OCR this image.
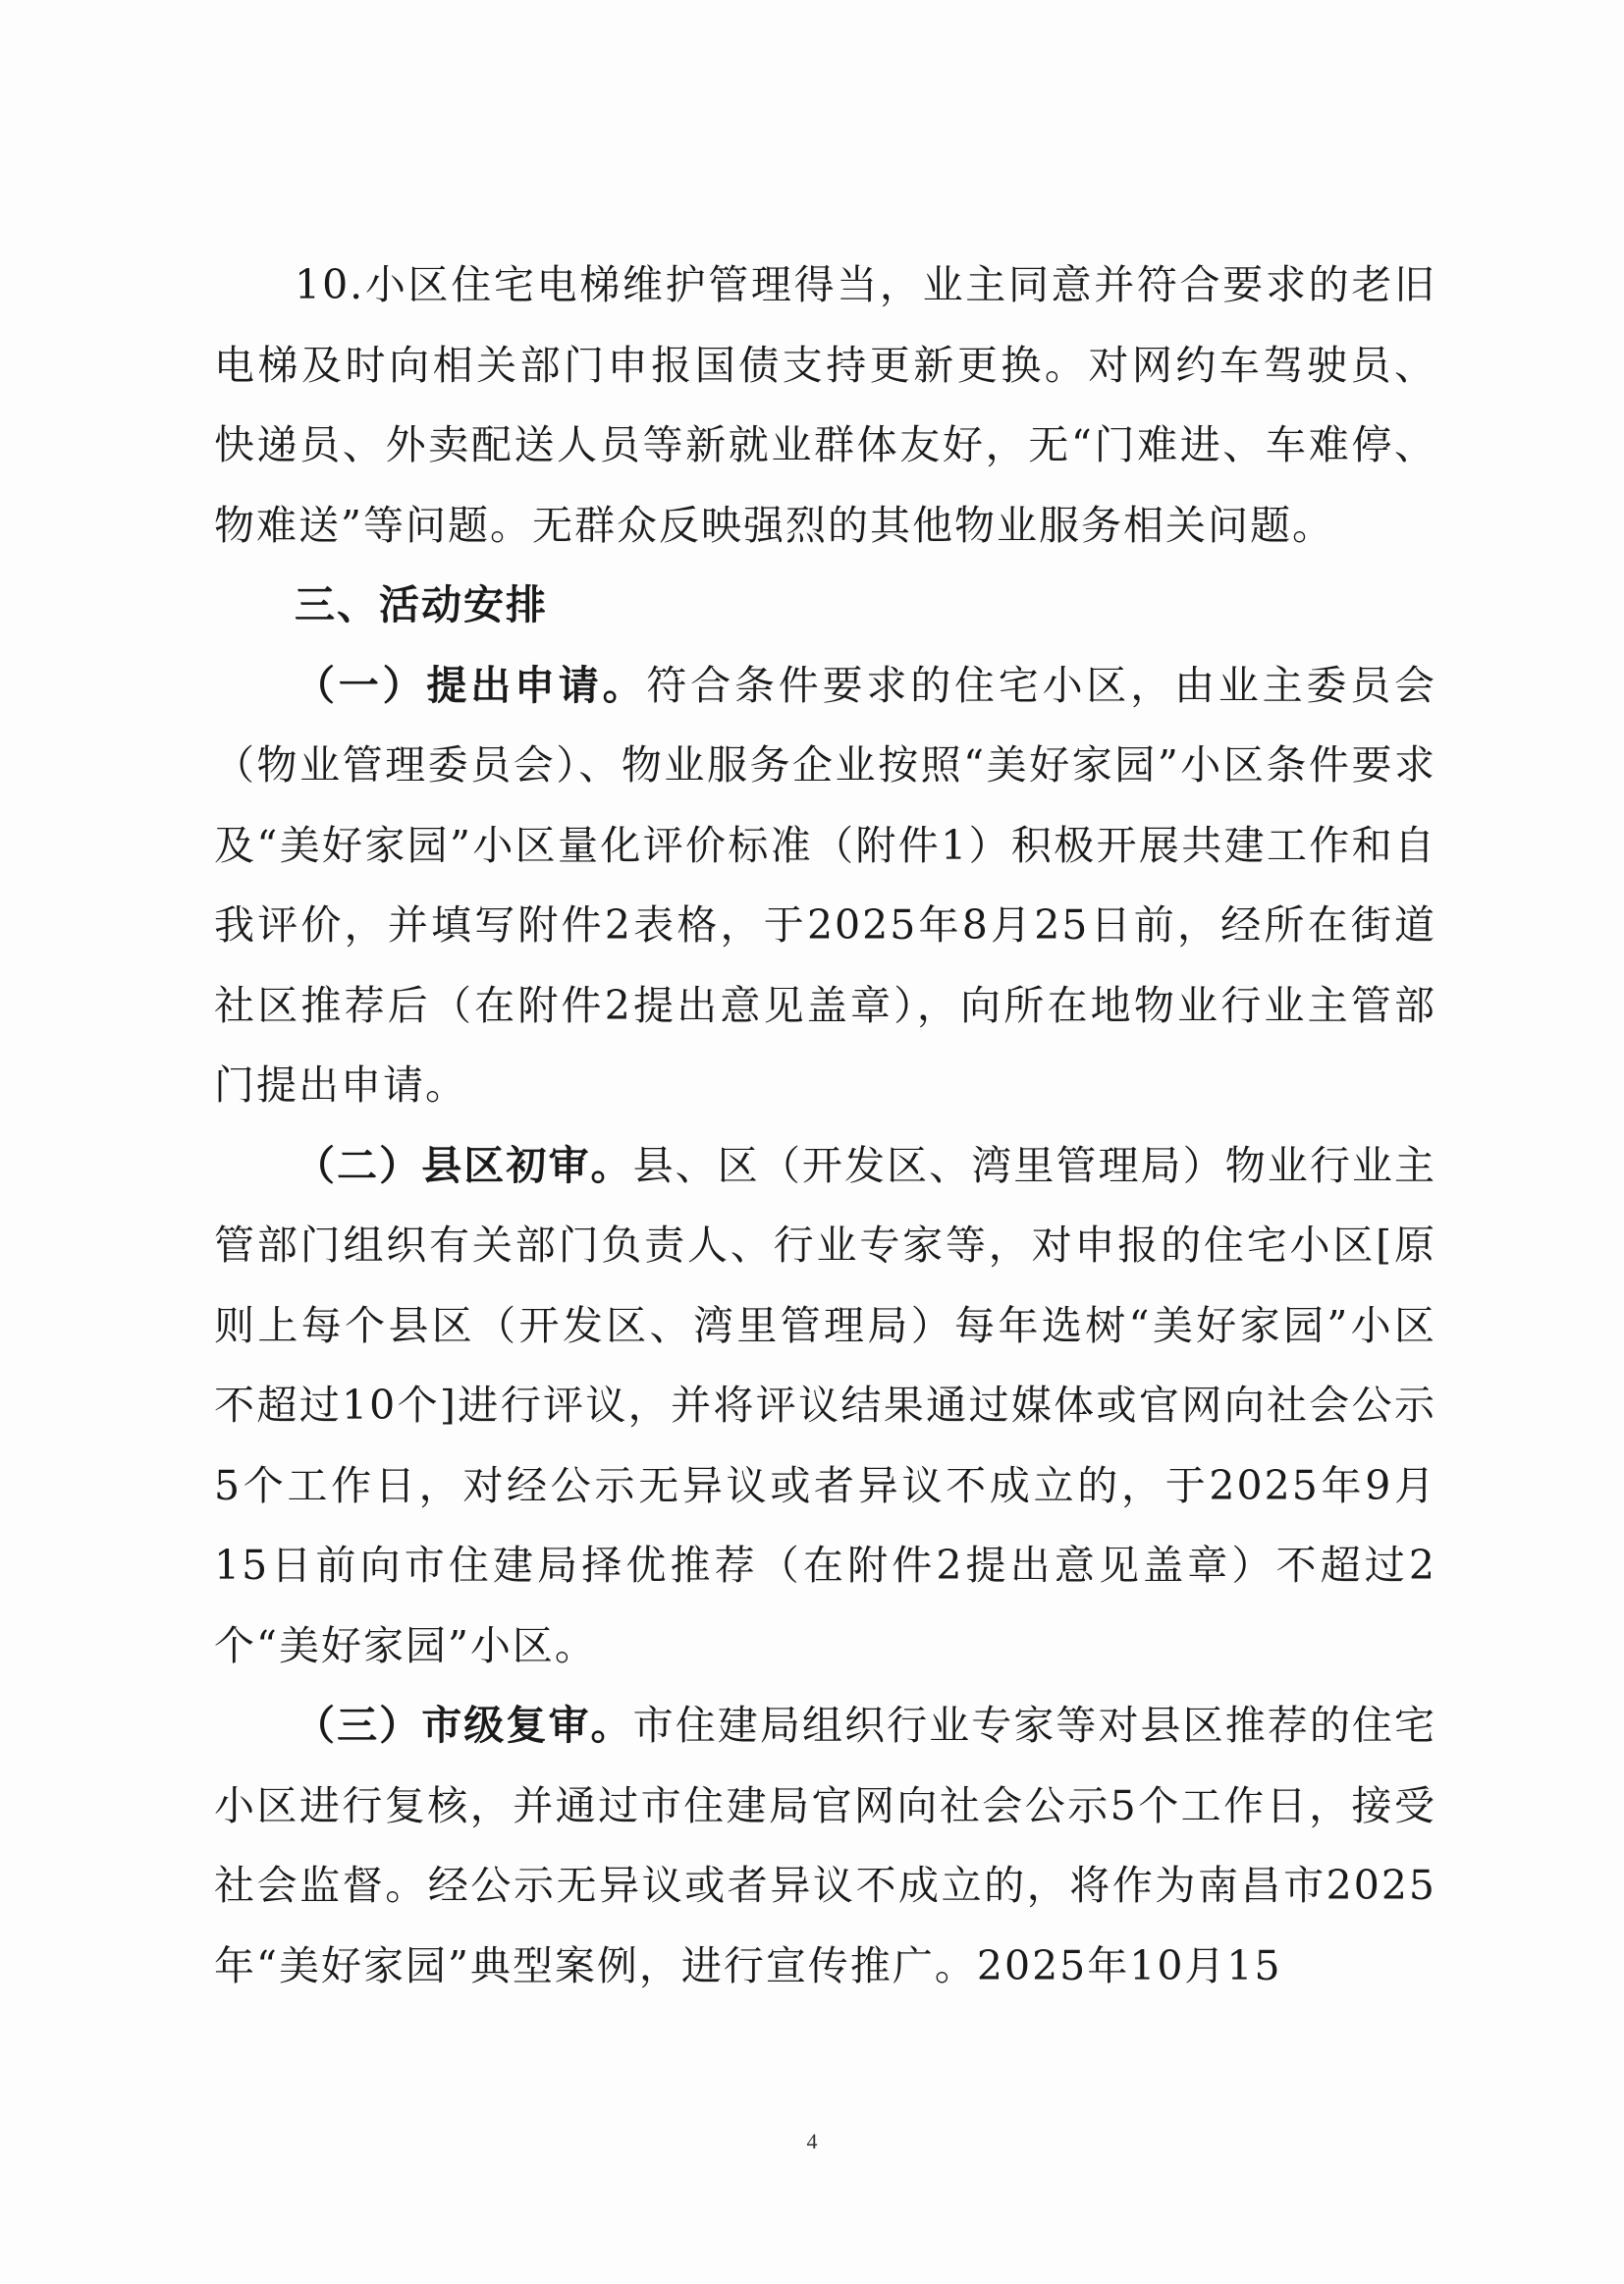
10.小区住宅电梯维护管理得当，业主同意并符合要求的老旧电梯及时向相关部门申报国债支持更新更换。对网约车驾驶员、快递员、外卖配送人员等新就业群体友好，无“门难进、车难停、物难送”等问题。无群众反映强烈的其他物业服务相关问题。

三、活动安排

（一）提出申请。符合条件要求的住宅小区，由业主委员会（物业管理委员会）、物业服务企业按照“美好家园”小区条件要求及“美好家园”小区量化评价标准（附件1）积极开展共建工作和自我评价，并填写附件2表格，于2025年8月25日前，经所在街道社区推荐后（在附件2提出意见盖章），向所在地物业行业主管部门提出申请。

（二）县区初审。县、区（开发区、湾里管理局）物业行业主管部门组织有关部门负责人、行业专家等，对申报的住宅小区[原则上每个县区（开发区、湾里管理局）每年选树“美好家园”小区不超过10个]进行评议，并将评议结果通过媒体或官网向社会公示5个工作日，对经公示无异议或者异议不成立的，于2025年9月15日前向市住建局择优推荐（在附件2提出意见盖章）不超过2个“美好家园”小区。

（三）市级复审。市住建局组织行业专家等对县区推荐的住宅小区进行复核，并通过市住建局官网向社会公示5个工作日，接受社会监督。经公示无异议或者异议不成立的，将作为南昌市2025年“美好家园”典型案例，进行宣传推广。2025年10月15

4
